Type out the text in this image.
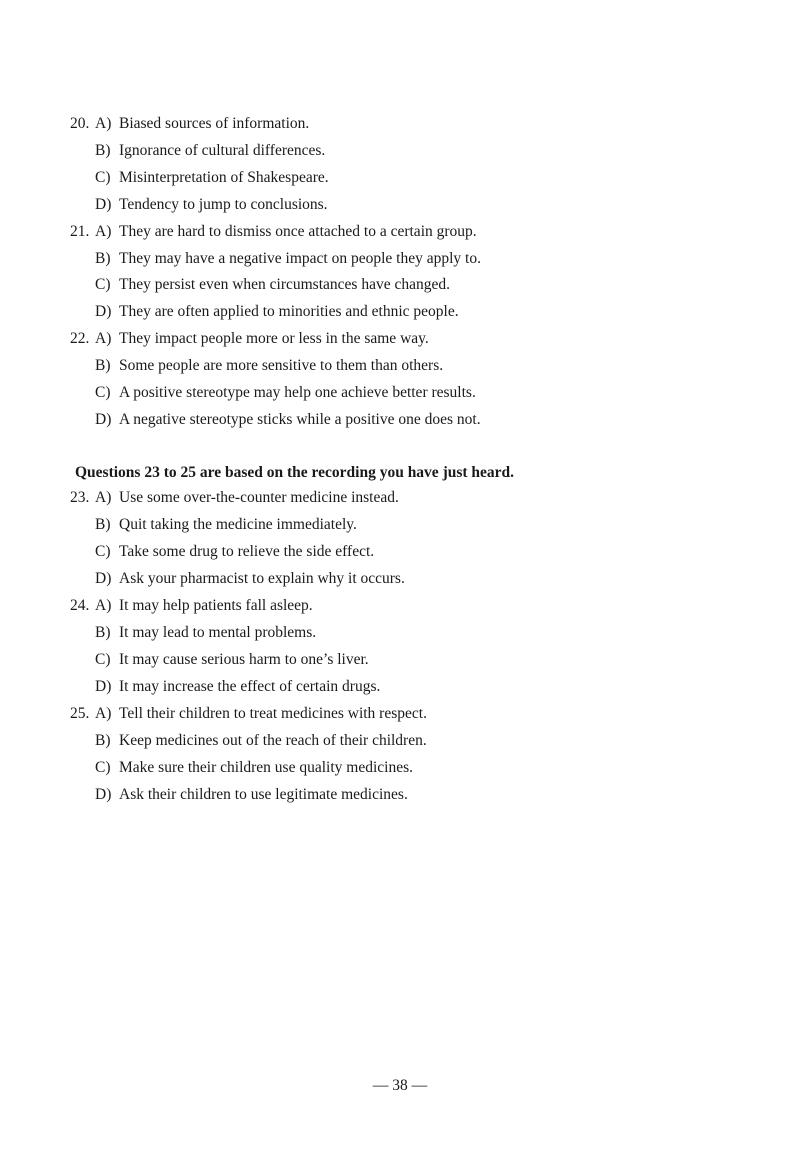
20. A) Biased sources of information.
B) Ignorance of cultural differences.
C) Misinterpretation of Shakespeare.
D) Tendency to jump to conclusions.
21. A) They are hard to dismiss once attached to a certain group.
B) They may have a negative impact on people they apply to.
C) They persist even when circumstances have changed.
D) They are often applied to minorities and ethnic people.
22. A) They impact people more or less in the same way.
B) Some people are more sensitive to them than others.
C) A positive stereotype may help one achieve better results.
D) A negative stereotype sticks while a positive one does not.
Questions 23 to 25 are based on the recording you have just heard.
23. A) Use some over-the-counter medicine instead.
B) Quit taking the medicine immediately.
C) Take some drug to relieve the side effect.
D) Ask your pharmacist to explain why it occurs.
24. A) It may help patients fall asleep.
B) It may lead to mental problems.
C) It may cause serious harm to one’s liver.
D) It may increase the effect of certain drugs.
25. A) Tell their children to treat medicines with respect.
B) Keep medicines out of the reach of their children.
C) Make sure their children use quality medicines.
D) Ask their children to use legitimate medicines.
— 38 —
